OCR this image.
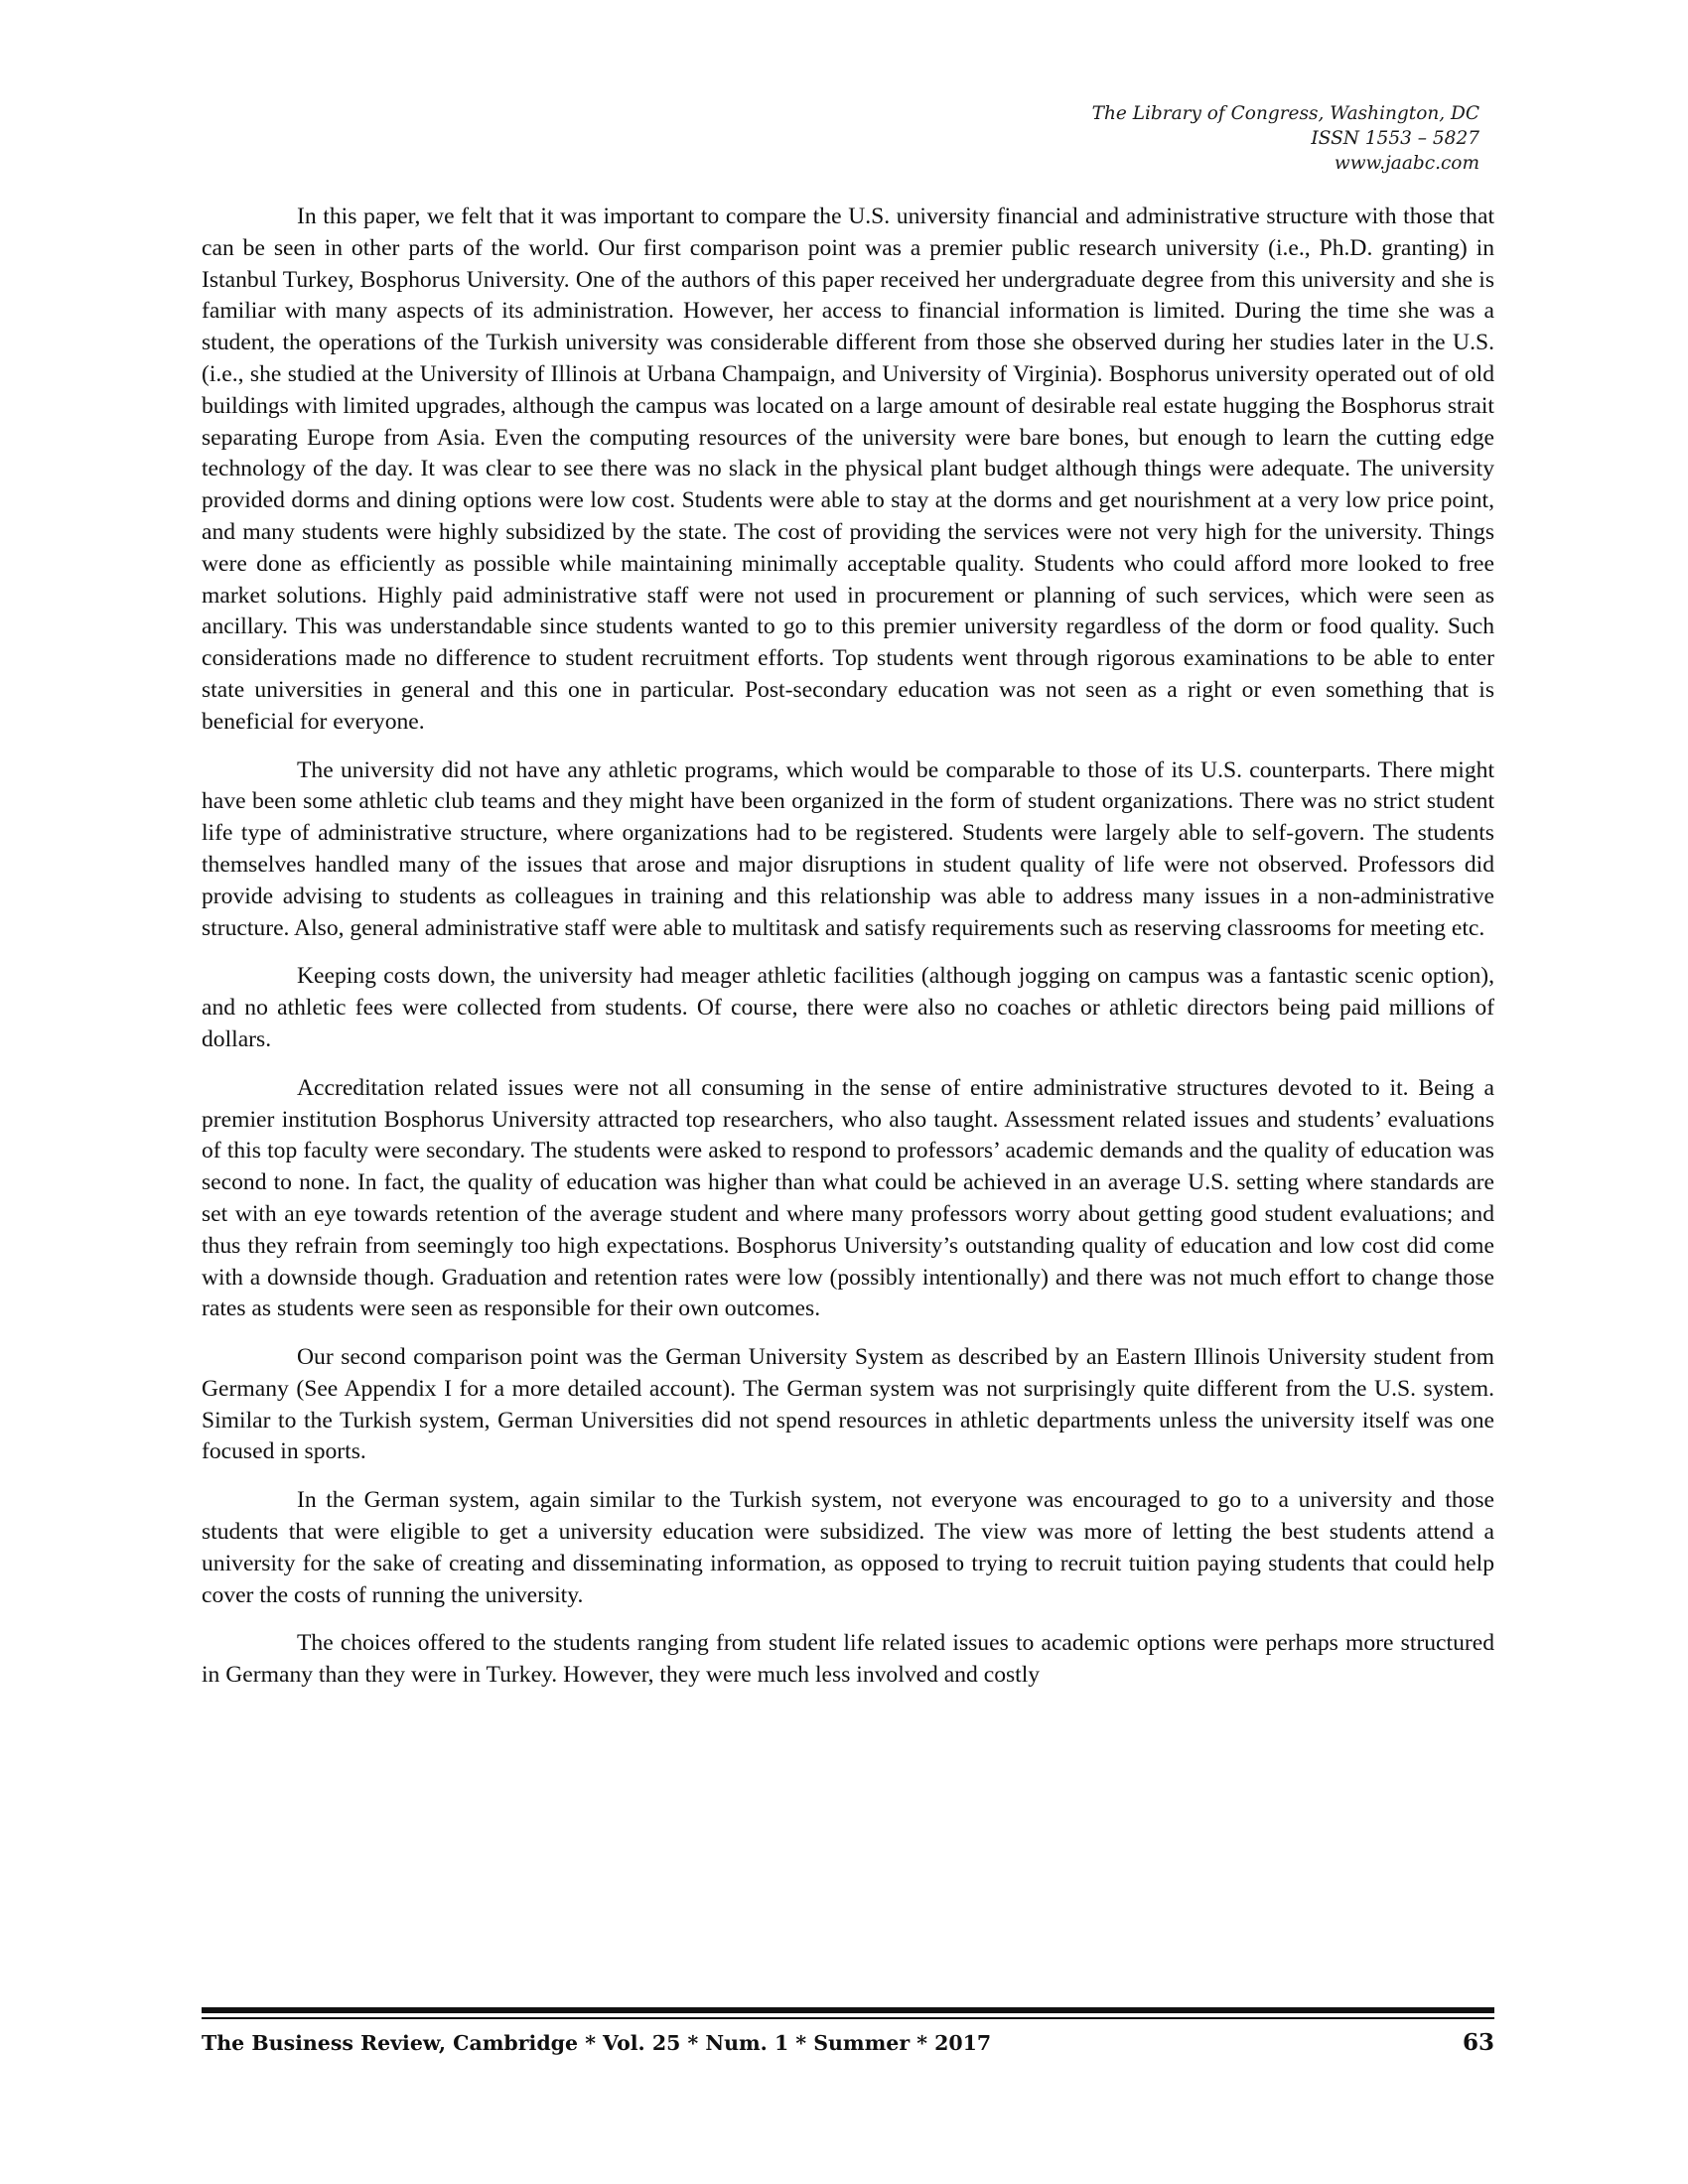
The Library of Congress, Washington, DC
ISSN 1553 – 5827
www.jaabc.com

In this paper, we felt that it was important to compare the U.S. university financial and administrative structure with those that can be seen in other parts of the world. Our first comparison point was a premier public research university (i.e., Ph.D. granting) in Istanbul Turkey, Bosphorus University. One of the authors of this paper received her undergraduate degree from this university and she is familiar with many aspects of its administration. However, her access to financial information is limited. During the time she was a student, the operations of the Turkish university was considerable different from those she observed during her studies later in the U.S. (i.e., she studied at the University of Illinois at Urbana Champaign, and University of Virginia). Bosphorus university operated out of old buildings with limited upgrades, although the campus was located on a large amount of desirable real estate hugging the Bosphorus strait separating Europe from Asia. Even the computing resources of the university were bare bones, but enough to learn the cutting edge technology of the day. It was clear to see there was no slack in the physical plant budget although things were adequate. The university provided dorms and dining options were low cost. Students were able to stay at the dorms and get nourishment at a very low price point, and many students were highly subsidized by the state. The cost of providing the services were not very high for the university. Things were done as efficiently as possible while maintaining minimally acceptable quality. Students who could afford more looked to free market solutions. Highly paid administrative staff were not used in procurement or planning of such services, which were seen as ancillary. This was understandable since students wanted to go to this premier university regardless of the dorm or food quality. Such considerations made no difference to student recruitment efforts. Top students went through rigorous examinations to be able to enter state universities in general and this one in particular. Post-secondary education was not seen as a right or even something that is beneficial for everyone.

The university did not have any athletic programs, which would be comparable to those of its U.S. counterparts. There might have been some athletic club teams and they might have been organized in the form of student organizations. There was no strict student life type of administrative structure, where organizations had to be registered. Students were largely able to self-govern. The students themselves handled many of the issues that arose and major disruptions in student quality of life were not observed. Professors did provide advising to students as colleagues in training and this relationship was able to address many issues in a non-administrative structure. Also, general administrative staff were able to multitask and satisfy requirements such as reserving classrooms for meeting etc.

Keeping costs down, the university had meager athletic facilities (although jogging on campus was a fantastic scenic option), and no athletic fees were collected from students. Of course, there were also no coaches or athletic directors being paid millions of dollars.

Accreditation related issues were not all consuming in the sense of entire administrative structures devoted to it. Being a premier institution Bosphorus University attracted top researchers, who also taught. Assessment related issues and students’ evaluations of this top faculty were secondary. The students were asked to respond to professors’ academic demands and the quality of education was second to none. In fact, the quality of education was higher than what could be achieved in an average U.S. setting where standards are set with an eye towards retention of the average student and where many professors worry about getting good student evaluations; and thus they refrain from seemingly too high expectations. Bosphorus University’s outstanding quality of education and low cost did come with a downside though. Graduation and retention rates were low (possibly intentionally) and there was not much effort to change those rates as students were seen as responsible for their own outcomes.

Our second comparison point was the German University System as described by an Eastern Illinois University student from Germany (See Appendix I for a more detailed account). The German system was not surprisingly quite different from the U.S. system. Similar to the Turkish system, German Universities did not spend resources in athletic departments unless the university itself was one focused in sports.

In the German system, again similar to the Turkish system, not everyone was encouraged to go to a university and those students that were eligible to get a university education were subsidized. The view was more of letting the best students attend a university for the sake of creating and disseminating information, as opposed to trying to recruit tuition paying students that could help cover the costs of running the university.

The choices offered to the students ranging from student life related issues to academic options were perhaps more structured in Germany than they were in Turkey. However, they were much less involved and costly

The Business Review, Cambridge * Vol. 25 * Num. 1 * Summer * 2017	63
